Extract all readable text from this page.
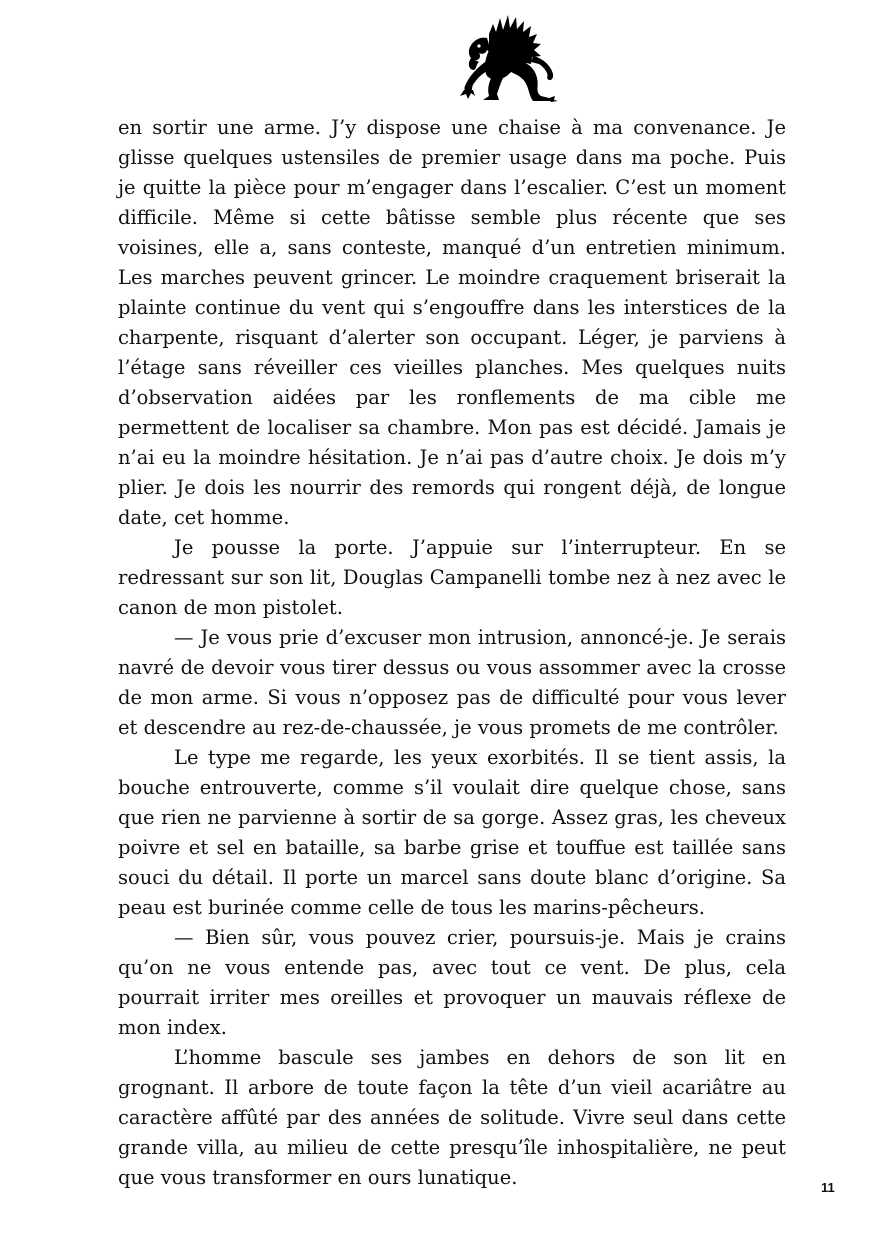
en sortir une arme. J’y dispose une chaise à ma convenance. Je glisse quelques ustensiles de premier usage dans ma poche. Puis je quitte la pièce pour m’engager dans l’escalier. C’est un moment difficile. Même si cette bâtisse semble plus récente que ses voisines, elle a, sans conteste, manqué d’un entretien minimum. Les marches peuvent grincer. Le moindre craquement briserait la plainte continue du vent qui s’engouffre dans les interstices de la charpente, risquant d’alerter son occupant. Léger, je parviens à l’étage sans réveiller ces vieilles planches. Mes quelques nuits d’observation aidées par les ronflements de ma cible me permettent de localiser sa chambre. Mon pas est décidé. Jamais je n’ai eu la moindre hésitation. Je n’ai pas d’autre choix. Je dois m’y plier. Je dois les nourrir des remords qui rongent déjà, de longue date, cet homme.

Je pousse la porte. J’appuie sur l’interrupteur. En se redressant sur son lit, Douglas Campanelli tombe nez à nez avec le canon de mon pistolet.

— Je vous prie d’excuser mon intrusion, annoncé-je. Je serais navré de devoir vous tirer dessus ou vous assommer avec la crosse de mon arme. Si vous n’opposez pas de difficulté pour vous lever et descendre au rez-de-chaussée, je vous promets de me contrôler.

Le type me regarde, les yeux exorbités. Il se tient assis, la bouche entrouverte, comme s’il voulait dire quelque chose, sans que rien ne parvienne à sortir de sa gorge. Assez gras, les cheveux poivre et sel en bataille, sa barbe grise et touffue est taillée sans souci du détail. Il porte un marcel sans doute blanc d’origine. Sa peau est burinée comme celle de tous les marins-pêcheurs.

— Bien sûr, vous pouvez crier, poursuis-je. Mais je crains qu’on ne vous entende pas, avec tout ce vent. De plus, cela pourrait irriter mes oreilles et provoquer un mauvais réflexe de mon index.

L’homme bascule ses jambes en dehors de son lit en grognant. Il arbore de toute façon la tête d’un vieil acariâtre au caractère affûté par des années de solitude. Vivre seul dans cette grande villa, au milieu de cette presqu’île inhospitalière, ne peut que vous transformer en ours lunatique.	11
